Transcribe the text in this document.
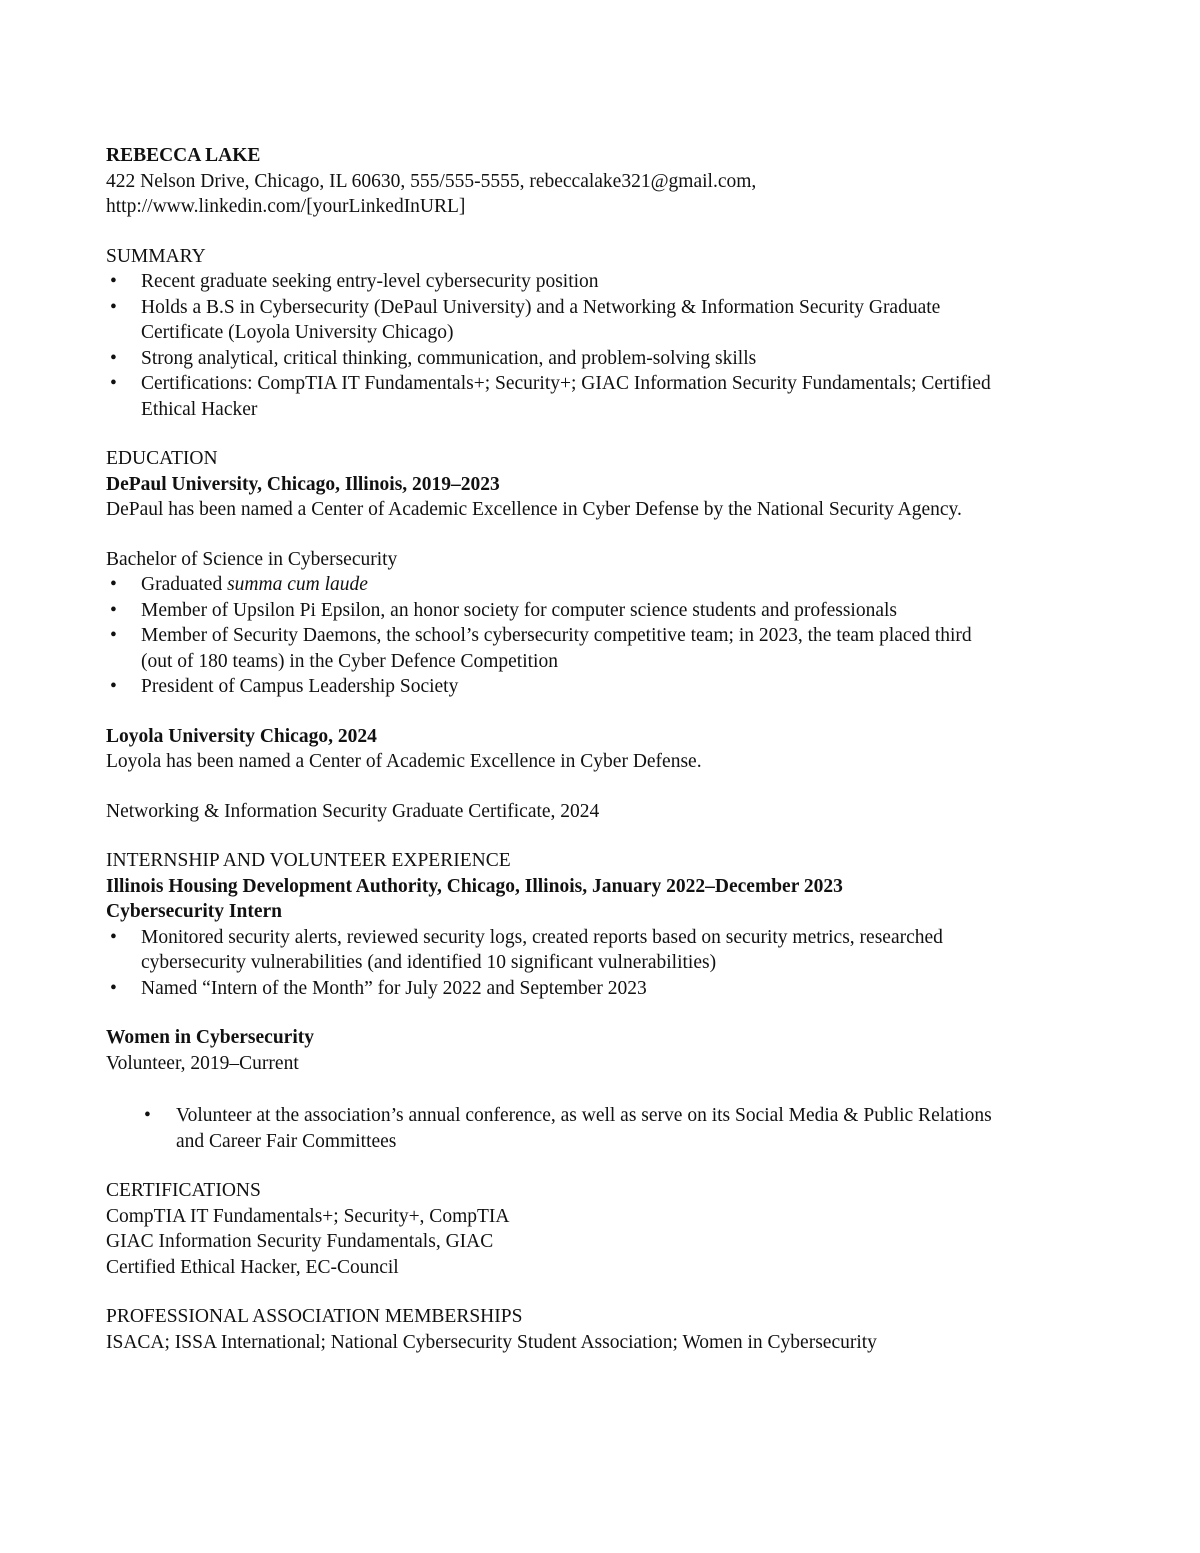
REBECCA LAKE
422 Nelson Drive, Chicago, IL 60630, 555/555-5555, rebeccalake321@gmail.com,
http://www.linkedin.com/[yourLinkedInURL]
SUMMARY
• Recent graduate seeking entry-level cybersecurity position
• Holds a B.S in Cybersecurity (DePaul University) and a Networking & Information Security Graduate
Certificate (Loyola University Chicago)
• Strong analytical, critical thinking, communication, and problem-solving skills
• Certifications: CompTIA IT Fundamentals+; Security+; GIAC Information Security Fundamentals; Certified
Ethical Hacker
EDUCATION
DePaul University, Chicago, Illinois, 2019–2023
DePaul has been named a Center of Academic Excellence in Cyber Defense by the National Security Agency.
Bachelor of Science in Cybersecurity
• Graduated summa cum laude
• Member of Upsilon Pi Epsilon, an honor society for computer science students and professionals
• Member of Security Daemons, the school’s cybersecurity competitive team; in 2023, the team placed third
(out of 180 teams) in the Cyber Defence Competition
• President of Campus Leadership Society
Loyola University Chicago, 2024
Loyola has been named a Center of Academic Excellence in Cyber Defense.
Networking & Information Security Graduate Certificate, 2024
INTERNSHIP AND VOLUNTEER EXPERIENCE
Illinois Housing Development Authority, Chicago, Illinois, January 2022–December 2023
Cybersecurity Intern
• Monitored security alerts, reviewed security logs, created reports based on security metrics, researched
cybersecurity vulnerabilities (and identified 10 significant vulnerabilities)
• Named “Intern of the Month” for July 2022 and September 2023
Women in Cybersecurity
Volunteer, 2019–Current
• Volunteer at the association’s annual conference, as well as serve on its Social Media & Public Relations
and Career Fair Committees
CERTIFICATIONS
CompTIA IT Fundamentals+; Security+, CompTIA
GIAC Information Security Fundamentals, GIAC
Certified Ethical Hacker, EC-Council
PROFESSIONAL ASSOCIATION MEMBERSHIPS
ISACA; ISSA International; National Cybersecurity Student Association; Women in Cybersecurity
